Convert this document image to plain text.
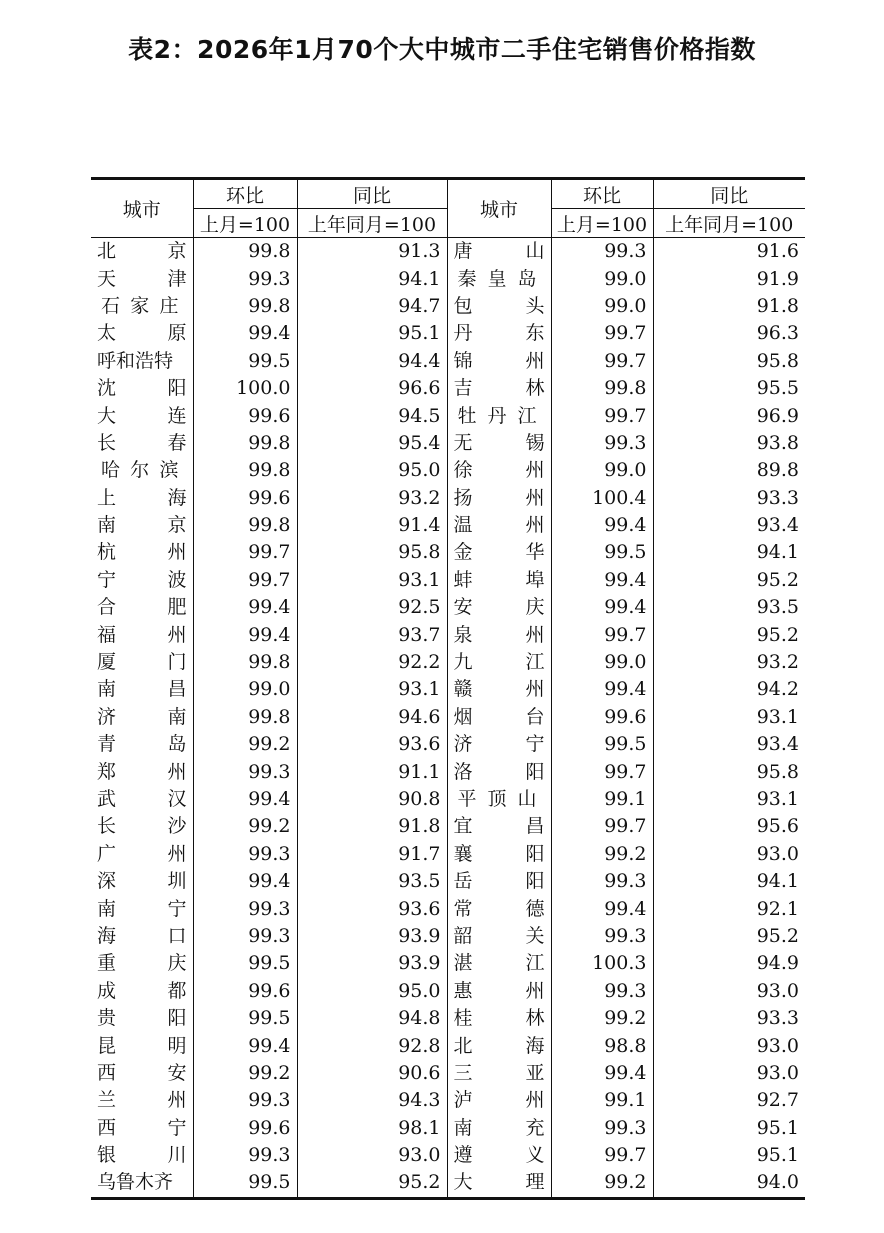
表2：2026年1月70个大中城市二手住宅销售价格指数
城市	环比	同比	城市	环比	同比
	上月=100	上年同月=100		上月=100	上年同月=100
北京	99.8	91.3	唐山	99.3	91.6
天津	99.3	94.1	秦皇岛	99.0	91.9
石家庄	99.8	94.7	包头	99.0	91.8
太原	99.4	95.1	丹东	99.7	96.3
呼和浩特	99.5	94.4	锦州	99.7	95.8
沈阳	100.0	96.6	吉林	99.8	95.5
大连	99.6	94.5	牡丹江	99.7	96.9
长春	99.8	95.4	无锡	99.3	93.8
哈尔滨	99.8	95.0	徐州	99.0	89.8
上海	99.6	93.2	扬州	100.4	93.3
南京	99.8	91.4	温州	99.4	93.4
杭州	99.7	95.8	金华	99.5	94.1
宁波	99.7	93.1	蚌埠	99.4	95.2
合肥	99.4	92.5	安庆	99.4	93.5
福州	99.4	93.7	泉州	99.7	95.2
厦门	99.8	92.2	九江	99.0	93.2
南昌	99.0	93.1	赣州	99.4	94.2
济南	99.8	94.6	烟台	99.6	93.1
青岛	99.2	93.6	济宁	99.5	93.4
郑州	99.3	91.1	洛阳	99.7	95.8
武汉	99.4	90.8	平顶山	99.1	93.1
长沙	99.2	91.8	宜昌	99.7	95.6
广州	99.3	91.7	襄阳	99.2	93.0
深圳	99.4	93.5	岳阳	99.3	94.1
南宁	99.3	93.6	常德	99.4	92.1
海口	99.3	93.9	韶关	99.3	95.2
重庆	99.5	93.9	湛江	100.3	94.9
成都	99.6	95.0	惠州	99.3	93.0
贵阳	99.5	94.8	桂林	99.2	93.3
昆明	99.4	92.8	北海	98.8	93.0
西安	99.2	90.6	三亚	99.4	93.0
兰州	99.3	94.3	泸州	99.1	92.7
西宁	99.6	98.1	南充	99.3	95.1
银川	99.3	93.0	遵义	99.7	95.1
乌鲁木齐	99.5	95.2	大理	99.2	94.0
